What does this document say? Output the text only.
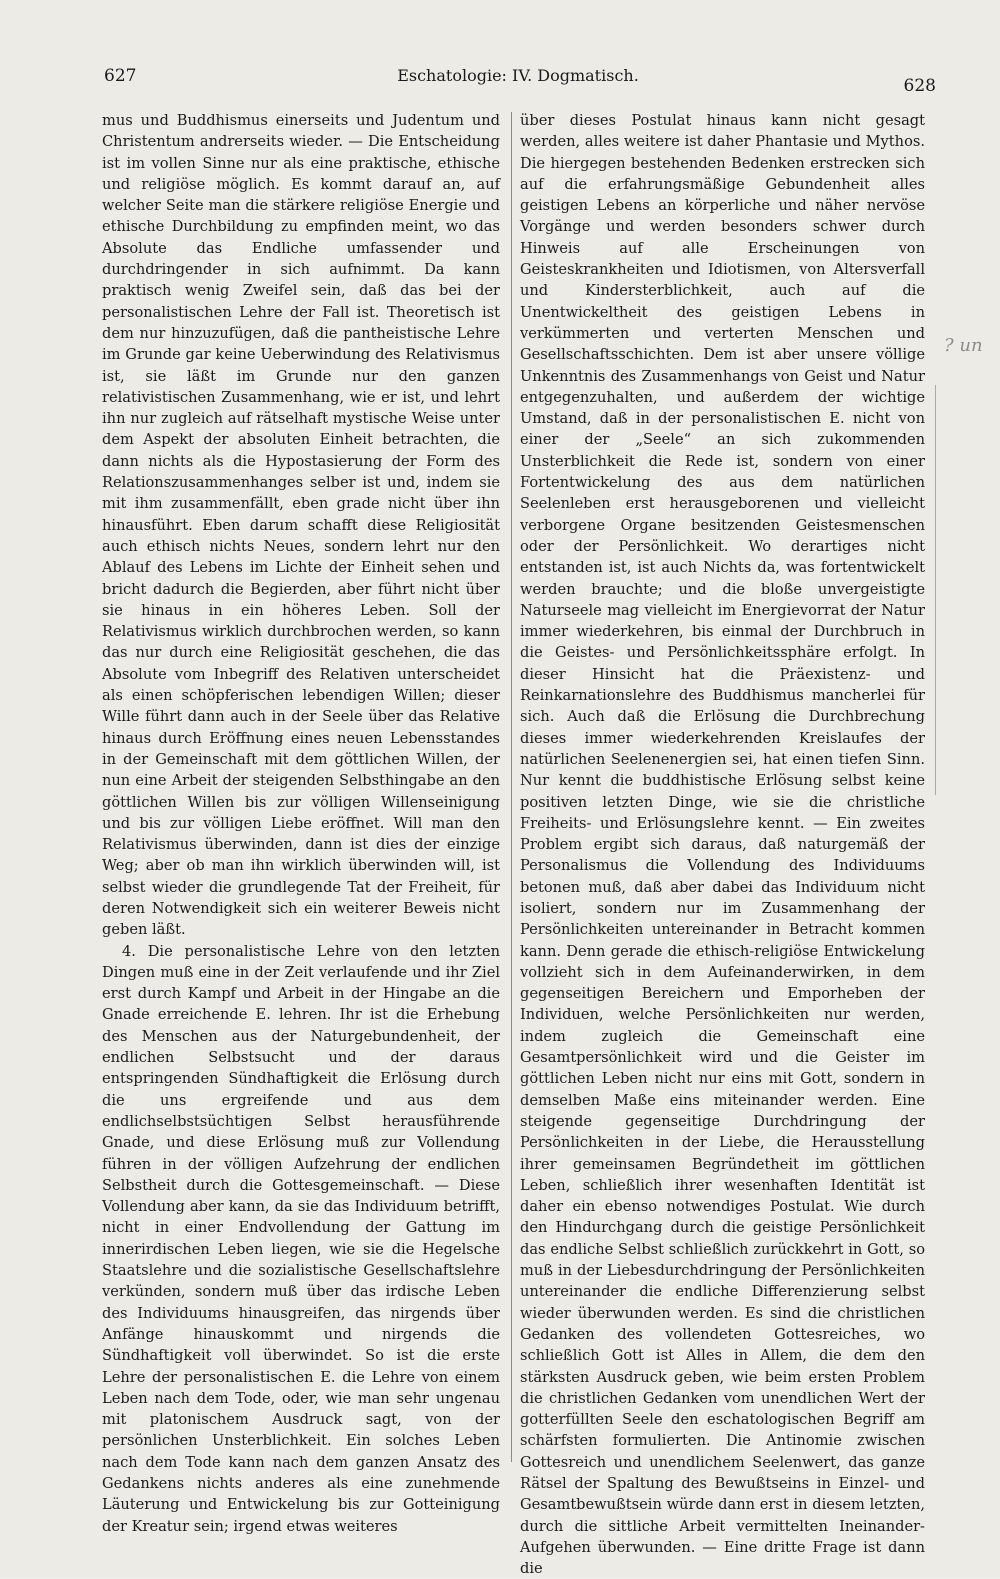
627	Eschatologie: IV. Dogmatisch.
628

mus und Buddhismus einerseits und Judentum und Christentum andrerseits wieder. — Die Entscheidung ist im vollen Sinne nur als eine praktische, ethische und religiöse möglich. Es kommt darauf an, auf welcher Seite man die stärkere religiöse Energie und ethische Durchbildung zu empfinden meint, wo das Absolute das Endliche umfassender und durchdringender in sich aufnimmt. Da kann praktisch wenig Zweifel sein, daß das bei der personalistischen Lehre der Fall ist. Theoretisch ist dem nur hinzuzufügen, daß die pantheistische Lehre im Grunde gar keine Ueberwindung des Relativismus ist, sie läßt im Grunde nur den ganzen relativistischen Zusammenhang, wie er ist, und lehrt ihn nur zugleich auf rätselhaft mystische Weise unter dem Aspekt der absoluten Einheit betrachten, die dann nichts als die Hypostasierung der Form des Relationszusammenhanges selber ist und, indem sie mit ihm zusammenfällt, eben grade nicht über ihn hinausführt. Eben darum schafft diese Religiosität auch ethisch nichts Neues, sondern lehrt nur den Ablauf des Lebens im Lichte der Einheit sehen und bricht dadurch die Begierden, aber führt nicht über sie hinaus in ein höheres Leben. Soll der Relativismus wirklich durchbrochen werden, so kann das nur durch eine Religiosität geschehen, die das Absolute vom Inbegriff des Relativen unterscheidet als einen schöpferischen lebendigen Willen; dieser Wille führt dann auch in der Seele über das Relative hinaus durch Eröffnung eines neuen Lebensstandes in der Gemeinschaft mit dem göttlichen Willen, der nun eine Arbeit der steigenden Selbsthingabe an den göttlichen Willen bis zur völligen Willenseinigung und bis zur völligen Liebe eröffnet. Will man den Relativismus überwinden, dann ist dies der einzige Weg; aber ob man ihn wirklich überwinden will, ist selbst wieder die grundlegende Tat der Freiheit, für deren Notwendigkeit sich ein weiterer Beweis nicht geben läßt.

4. Die personalistische Lehre von den letzten Dingen muß eine in der Zeit verlaufende und ihr Ziel erst durch Kampf und Arbeit in der Hingabe an die Gnade erreichende E. lehren. Ihr ist die Erhebung des Menschen aus der Naturgebundenheit, der endlichen Selbstsucht und der daraus entspringenden Sündhaftigkeit die Erlösung durch die uns ergreifende und aus dem endlichselbstsüchtigen Selbst herausführende Gnade, und diese Erlösung muß zur Vollendung führen in der völligen Aufzehrung der endlichen Selbstheit durch die Gottesgemeinschaft. — Diese Vollendung aber kann, da sie das Individuum betrifft, nicht in einer Endvollendung der Gattung im innerirdischen Leben liegen, wie sie die Hegelsche Staatslehre und die sozialistische Gesellschaftslehre verkünden, sondern muß über das irdische Leben des Individuums hinausgreifen, das nirgends über Anfänge hinauskommt und nirgends die Sündhaftigkeit voll überwindet. So ist die erste Lehre der personalistischen E. die Lehre von einem Leben nach dem Tode, oder, wie man sehr ungenau mit platonischem Ausdruck sagt, von der persönlichen Unsterblichkeit. Ein solches Leben nach dem Tode kann nach dem ganzen Ansatz des Gedankens nichts anderes als eine zunehmende Läuterung und Entwickelung bis zur Gotteinigung der Kreatur sein; irgend etwas weiteres

über dieses Postulat hinaus kann nicht gesagt werden, alles weitere ist daher Phantasie und Mythos. Die hiergegen bestehenden Bedenken erstrecken sich auf die erfahrungsmäßige Gebundenheit alles geistigen Lebens an körperliche und näher nervöse Vorgänge und werden besonders schwer durch Hinweis auf alle Erscheinungen von Geisteskrankheiten und Idiotismen, von Altersverfall und Kindersterblichkeit, auch auf die Unentwickeltheit des geistigen Lebens in verkümmerten und verterten Menschen und Gesellschaftsschichten. Dem ist aber unsere völlige Unkenntnis des Zusammenhangs von Geist und Natur entgegenzuhalten, und außerdem der wichtige Umstand, daß in der personalistischen E. nicht von einer der „Seele“ an sich zukommenden Unsterblichkeit die Rede ist, sondern von einer Fortentwickelung des aus dem natürlichen Seelenleben erst herausgeborenen und vielleicht verborgene Organe besitzenden Geistesmenschen oder der Persönlichkeit. Wo derartiges nicht entstanden ist, ist auch Nichts da, was fortentwickelt werden brauchte; und die bloße unvergeistigte Naturseele mag vielleicht im Energievorrat der Natur immer wiederkehren, bis einmal der Durchbruch in die Geistes- und Persönlichkeitssphäre erfolgt. In dieser Hinsicht hat die Präexistenz- und Reinkarnationslehre des Buddhismus mancherlei für sich. Auch daß die Erlösung die Durchbrechung dieses immer wiederkehrenden Kreislaufes der natürlichen Seelenenergien sei, hat einen tiefen Sinn. Nur kennt die buddhistische Erlösung selbst keine positiven letzten Dinge, wie sie die christliche Freiheits- und Erlösungslehre kennt. — Ein zweites Problem ergibt sich daraus, daß naturgemäß der Personalismus die Vollendung des Individuums betonen muß, daß aber dabei das Individuum nicht isoliert, sondern nur im Zusammenhang der Persönlichkeiten untereinander in Betracht kommen kann. Denn gerade die ethisch-religiöse Entwickelung vollzieht sich in dem Aufeinanderwirken, in dem gegenseitigen Bereichern und Emporheben der Individuen, welche Persönlichkeiten nur werden, indem zugleich die Gemeinschaft eine Gesamtpersönlichkeit wird und die Geister im göttlichen Leben nicht nur eins mit Gott, sondern in demselben Maße eins miteinander werden. Eine steigende gegenseitige Durchdringung der Persönlichkeiten in der Liebe, die Herausstellung ihrer gemeinsamen Begründetheit im göttlichen Leben, schließlich ihrer wesenhaften Identität ist daher ein ebenso notwendiges Postulat. Wie durch den Hindurchgang durch die geistige Persönlichkeit das endliche Selbst schließlich zurückkehrt in Gott, so muß in der Liebesdurchdringung der Persönlichkeiten untereinander die endliche Differenzierung selbst wieder überwunden werden. Es sind die christlichen Gedanken des vollendeten Gottesreiches, wo schließlich Gott ist Alles in Allem, die dem den stärksten Ausdruck geben, wie beim ersten Problem die christlichen Gedanken vom unendlichen Wert der gotterfüllten Seele den eschatologischen Begriff am schärfsten formulierten. Die Antinomie zwischen Gottesreich und unendlichem Seelenwert, das ganze Rätsel der Spaltung des Bewußtseins in Einzel- und Gesamtbewußtsein würde dann erst in diesem letzten, durch die sittliche Arbeit vermittelten Ineinander-Aufgehen überwunden. — Eine dritte Frage ist dann die

? un
